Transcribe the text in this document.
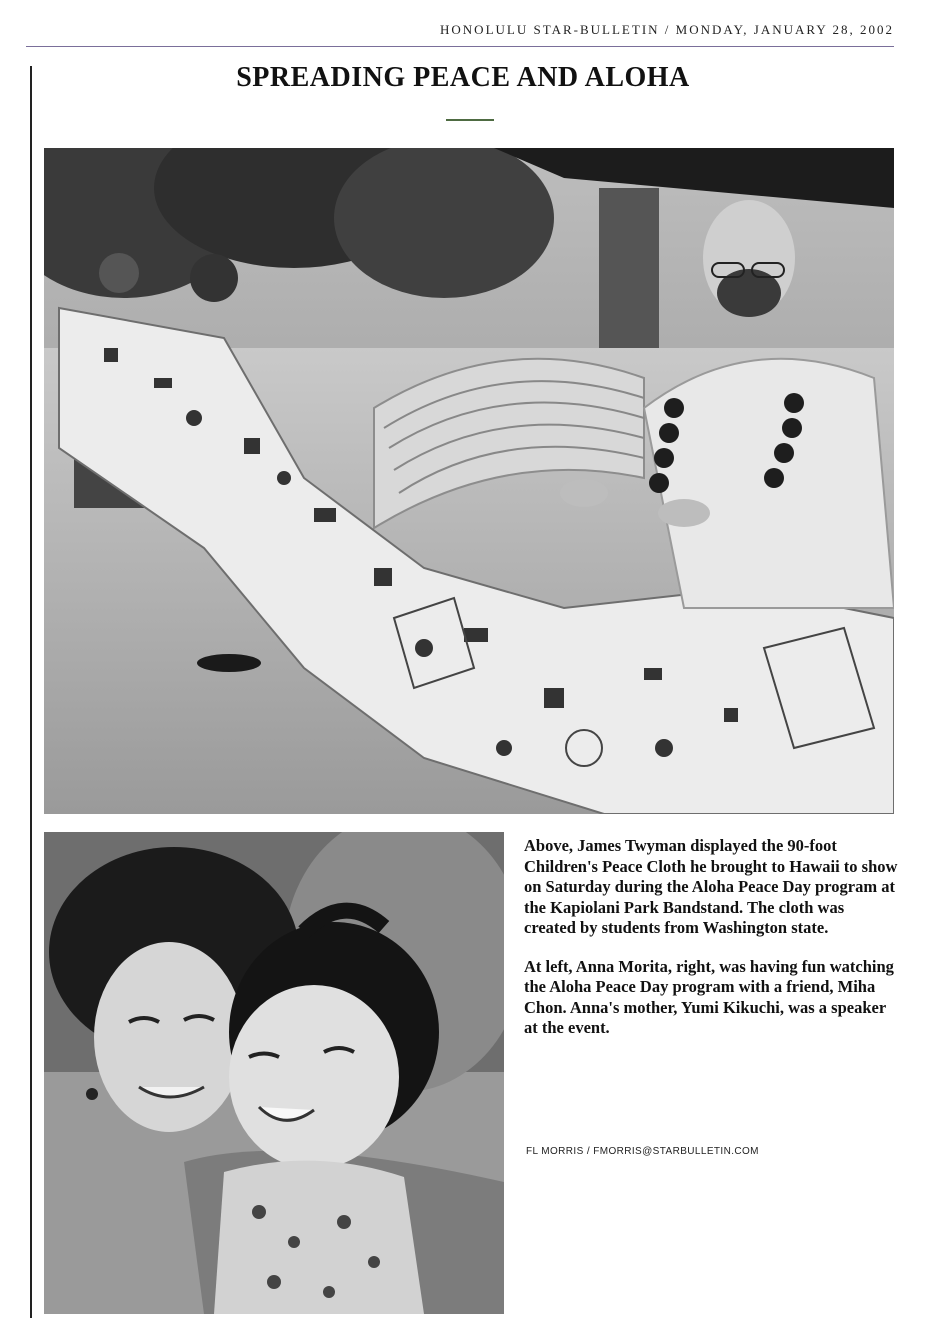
HONOLULU STAR-BULLETIN / MONDAY, JANUARY 28, 2002
SPREADING PEACE AND ALOHA

Above, James Twyman displayed the 90-foot Children's Peace Cloth he brought to Hawaii to show on Saturday during the Aloha Peace Day program at the Kapiolani Park Bandstand. The cloth was created by students from Washington state.

At left, Anna Morita, right, was having fun watching the Aloha Peace Day program with a friend, Miha Chon. Anna's mother, Yumi Kikuchi, was a speaker at the event.

FL MORRIS / FMORRIS@STARBULLETIN.COM
